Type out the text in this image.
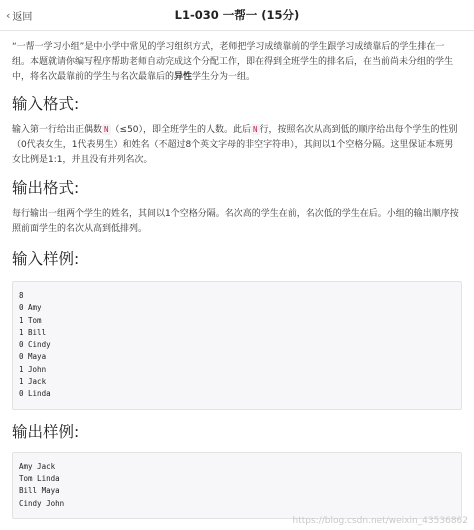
‹ 返回	L1-030 一帮一 (15分)

“一帮一学习小组”是中小学中常见的学习组织方式，老师把学习成绩靠前的学生跟学习成绩靠后的学生排在一组。本题就请你编写程序帮助老师自动完成这个分配工作，即在得到全班学生的排名后，在当前尚未分组的学生中，将名次最靠前的学生与名次最靠后的异性学生分为一组。

输入格式:

输入第一行给出正偶数 N （≤50），即全班学生的人数。此后 N 行，按照名次从高到低的顺序给出每个学生的性别（0代表女生，1代表男生）和姓名（不超过8个英文字母的非空字符串），其间以1个空格分隔。这里保证本班男女比例是1:1，并且没有并列名次。

输出格式:

每行输出一组两个学生的姓名，其间以1个空格分隔。名次高的学生在前，名次低的学生在后。小组的输出顺序按照前面学生的名次从高到低排列。

输入样例:
8
0 Amy
1 Tom
1 Bill
0 Cindy
0 Maya
1 John
1 Jack
0 Linda
输出样例:
Amy Jack
Tom Linda
Bill Maya
Cindy John
https://blog.csdn.net/weixin_43536862
